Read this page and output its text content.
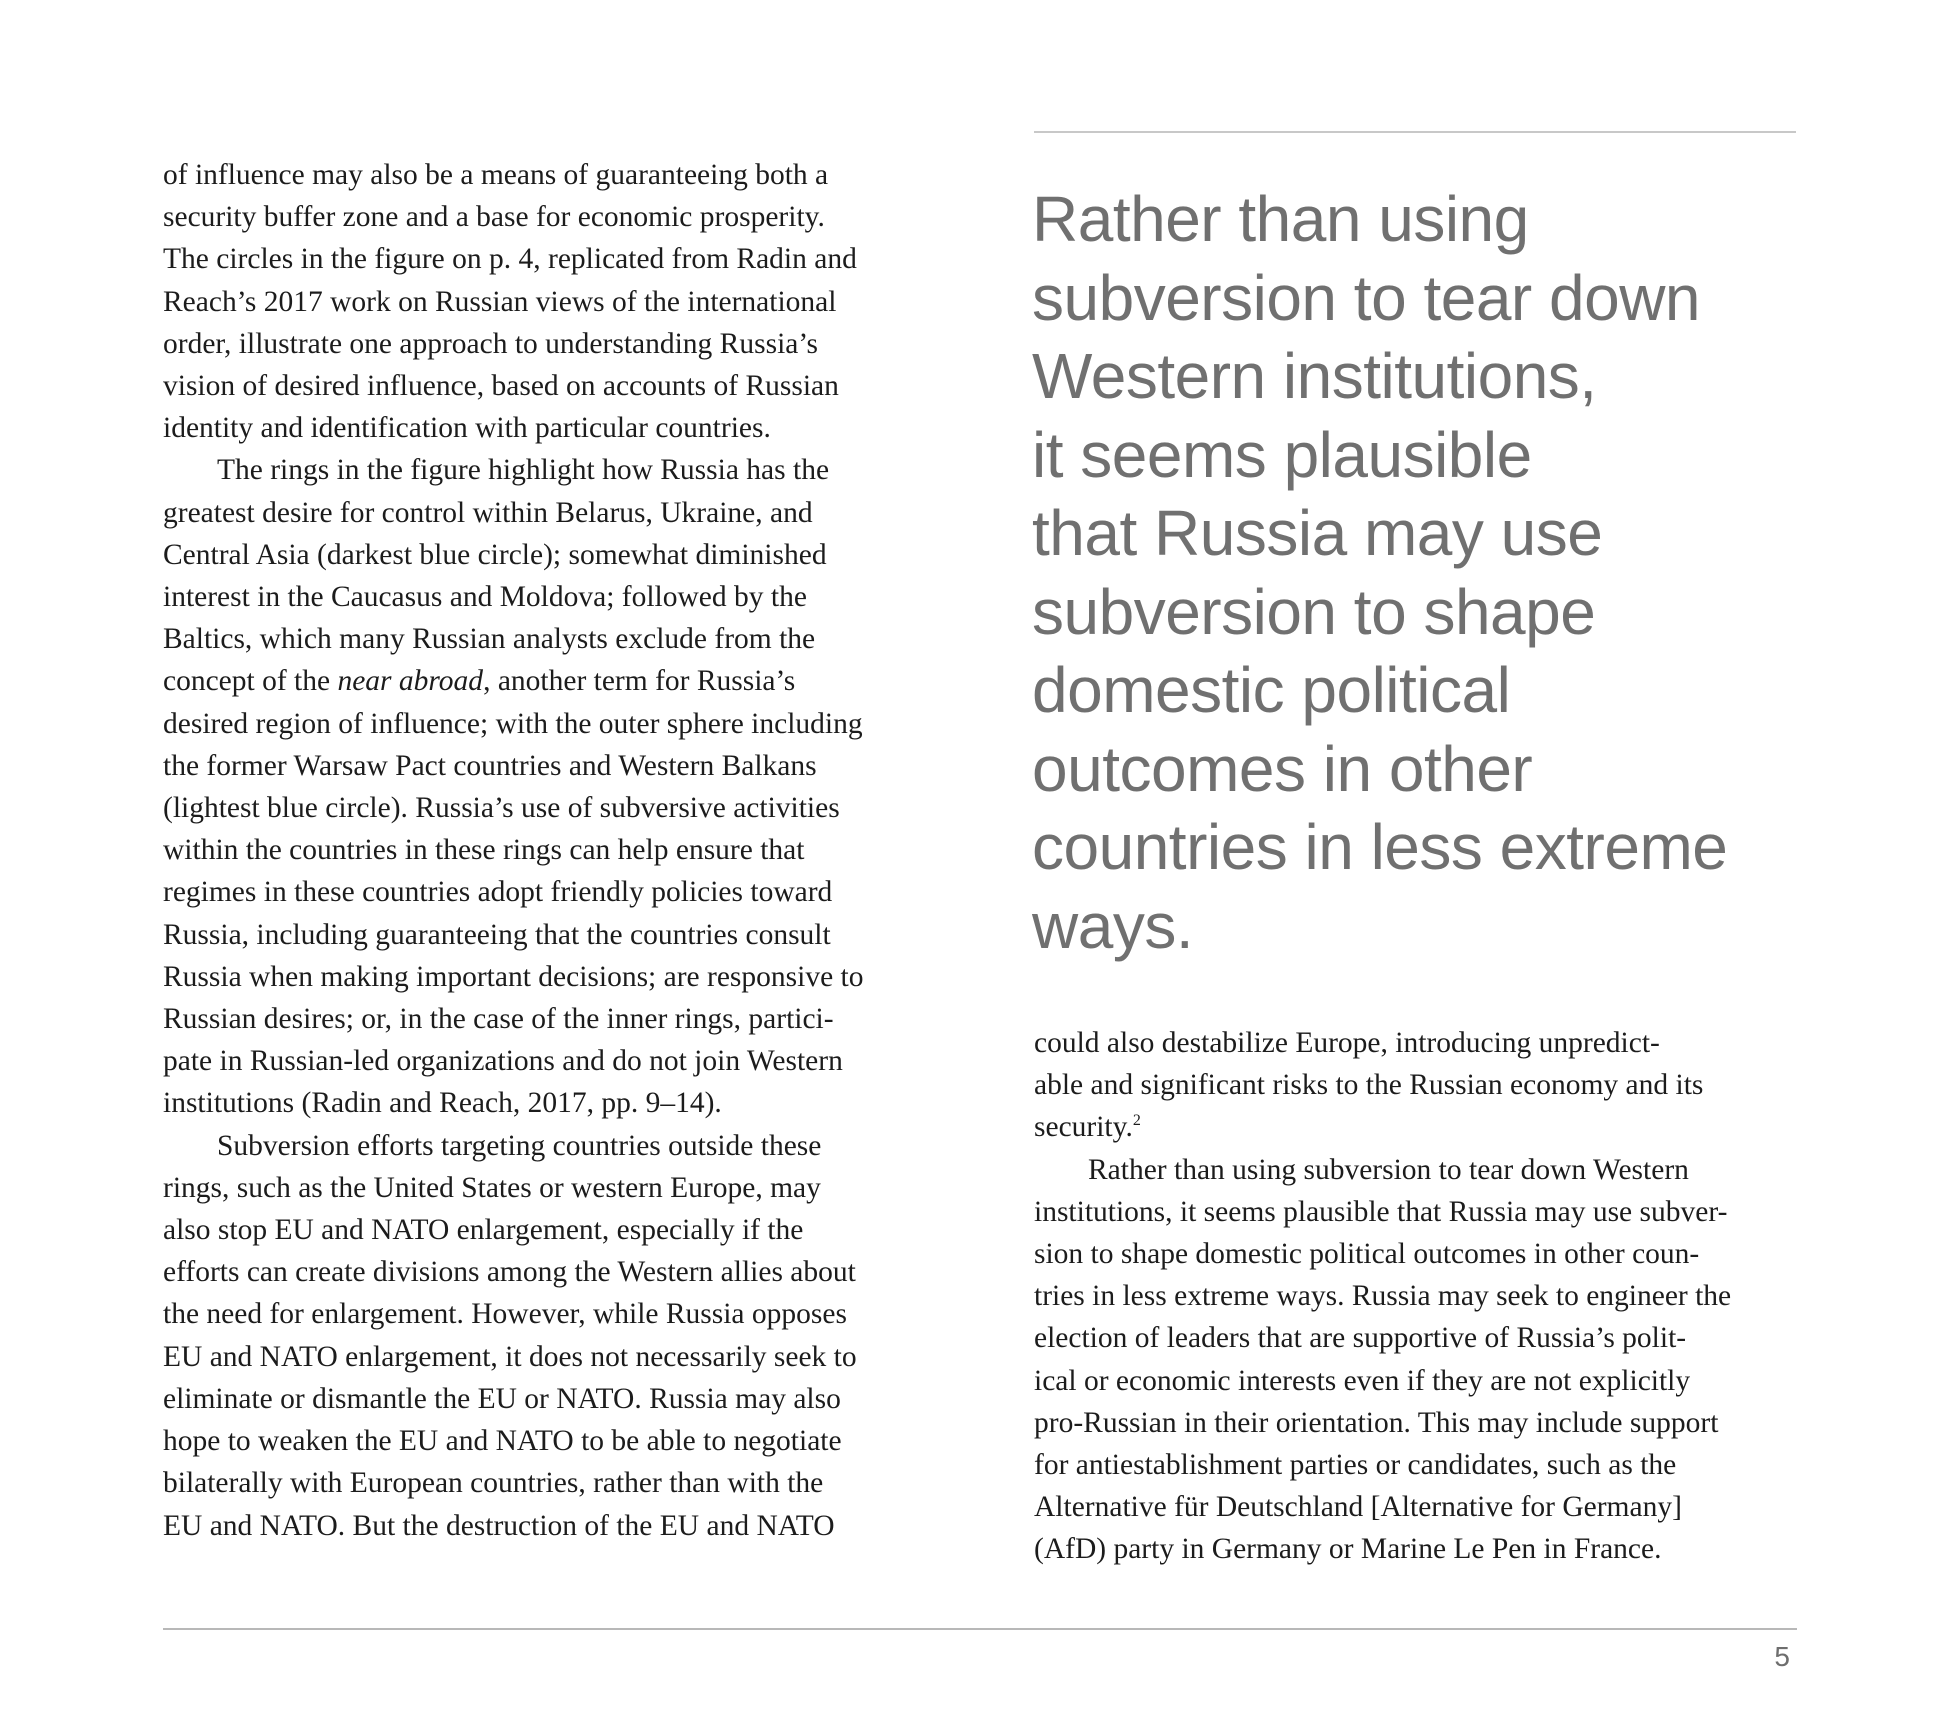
of influence may also be a means of guaranteeing both a
security buffer zone and a base for economic prosperity.
The circles in the figure on p. 4, replicated from Radin and
Reach’s 2017 work on Russian views of the international
order, illustrate one approach to understanding Russia’s
vision of desired influence, based on accounts of Russian
identity and identification with particular countries.
The rings in the figure highlight how Russia has the
greatest desire for control within Belarus, Ukraine, and
Central Asia (darkest blue circle); somewhat diminished
interest in the Caucasus and Moldova; followed by the
Baltics, which many Russian analysts exclude from the
concept of the near abroad, another term for Russia’s
desired region of influence; with the outer sphere including
the former Warsaw Pact countries and Western Balkans
(lightest blue circle). Russia’s use of subversive activities
within the countries in these rings can help ensure that
regimes in these countries adopt friendly policies toward
Russia, including guaranteeing that the countries consult
Russia when making important decisions; are responsive to
Russian desires; or, in the case of the inner rings, partici-
pate in Russian-led organizations and do not join Western
institutions (Radin and Reach, 2017, pp. 9–14).
Subversion efforts targeting countries outside these
rings, such as the United States or western Europe, may
also stop EU and NATO enlargement, especially if the
efforts can create divisions among the Western allies about
the need for enlargement. However, while Russia opposes
EU and NATO enlargement, it does not necessarily seek to
eliminate or dismantle the EU or NATO. Russia may also
hope to weaken the EU and NATO to be able to negotiate
bilaterally with European countries, rather than with the
EU and NATO. But the destruction of the EU and NATO
Rather than using
subversion to tear down
Western institutions,
it seems plausible
that Russia may use
subversion to shape
domestic political
outcomes in other
countries in less extreme
ways.
could also destabilize Europe, introducing unpredict-
able and significant risks to the Russian economy and its
security.$^2$
Rather than using subversion to tear down Western
institutions, it seems plausible that Russia may use subver-
sion to shape domestic political outcomes in other coun-
tries in less extreme ways. Russia may seek to engineer the
election of leaders that are supportive of Russia’s polit-
ical or economic interests even if they are not explicitly
pro-Russian in their orientation. This may include support
for antiestablishment parties or candidates, such as the
Alternative für Deutschland [Alternative for Germany]
(AfD) party in Germany or Marine Le Pen in France.
5
